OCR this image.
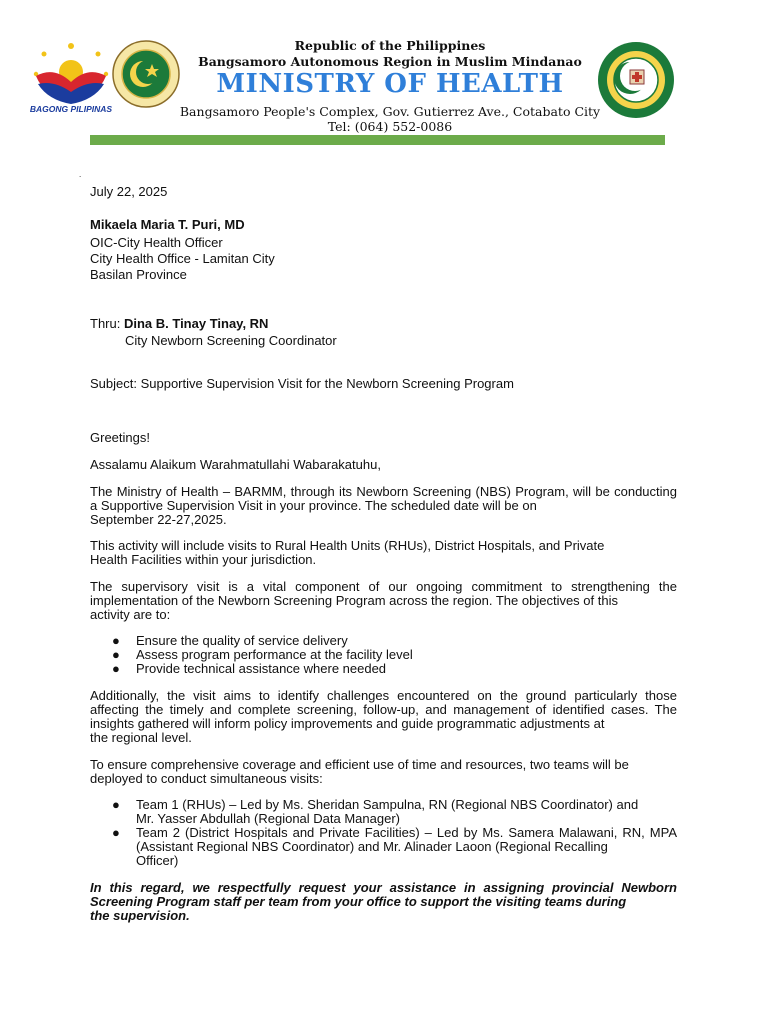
BAGONG PILIPINAS
Republic of the Philippines
Bangsamoro Autonomous Region in Muslim Mindanao
MINISTRY OF HEALTH
Bangsamoro People's Complex, Gov. Gutierrez Ave., Cotabato City
Tel: (064) 552-0086
.
July 22, 2025
Mikaela Maria T. Puri, MD
OIC-City Health Officer
City Health Office - Lamitan City
Basilan Province
Thru: Dina B. Tinay Tinay, RN
City Newborn Screening Coordinator
Subject: Supportive Supervision Visit for the Newborn Screening Program
Greetings!
Assalamu Alaikum Warahmatullahi Wabarakatuhu,
The Ministry of Health – BARMM, through its Newborn Screening (NBS) Program, will be conducting a Supportive Supervision Visit in your province. The scheduled date will be on
September 22-27,2025.
This activity will include visits to Rural Health Units (RHUs), District Hospitals, and Private
Health Facilities within your jurisdiction.
The supervisory visit is a vital component of our ongoing commitment to strengthening the implementation of the Newborn Screening Program across the region. The objectives of this
activity are to:
● Ensure the quality of service delivery
● Assess program performance at the facility level
● Provide technical assistance where needed
Additionally, the visit aims to identify challenges encountered on the ground particularly those affecting the timely and complete screening, follow-up, and management of identified cases. The insights gathered will inform policy improvements and guide programmatic adjustments at
the regional level.
To ensure comprehensive coverage and efficient use of time and resources, two teams will be
deployed to conduct simultaneous visits:
● Team 1 (RHUs) – Led by Ms. Sheridan Sampulna, RN (Regional NBS Coordinator) and
Mr. Yasser Abdullah (Regional Data Manager)
● Team 2 (District Hospitals and Private Facilities) – Led by Ms. Samera Malawani, RN, MPA (Assistant Regional NBS Coordinator) and Mr. Alinader Laoon (Regional Recalling
Officer)
In this regard, we respectfully request your assistance in assigning provincial Newborn Screening Program staff per team from your office to support the visiting teams during
the supervision.
